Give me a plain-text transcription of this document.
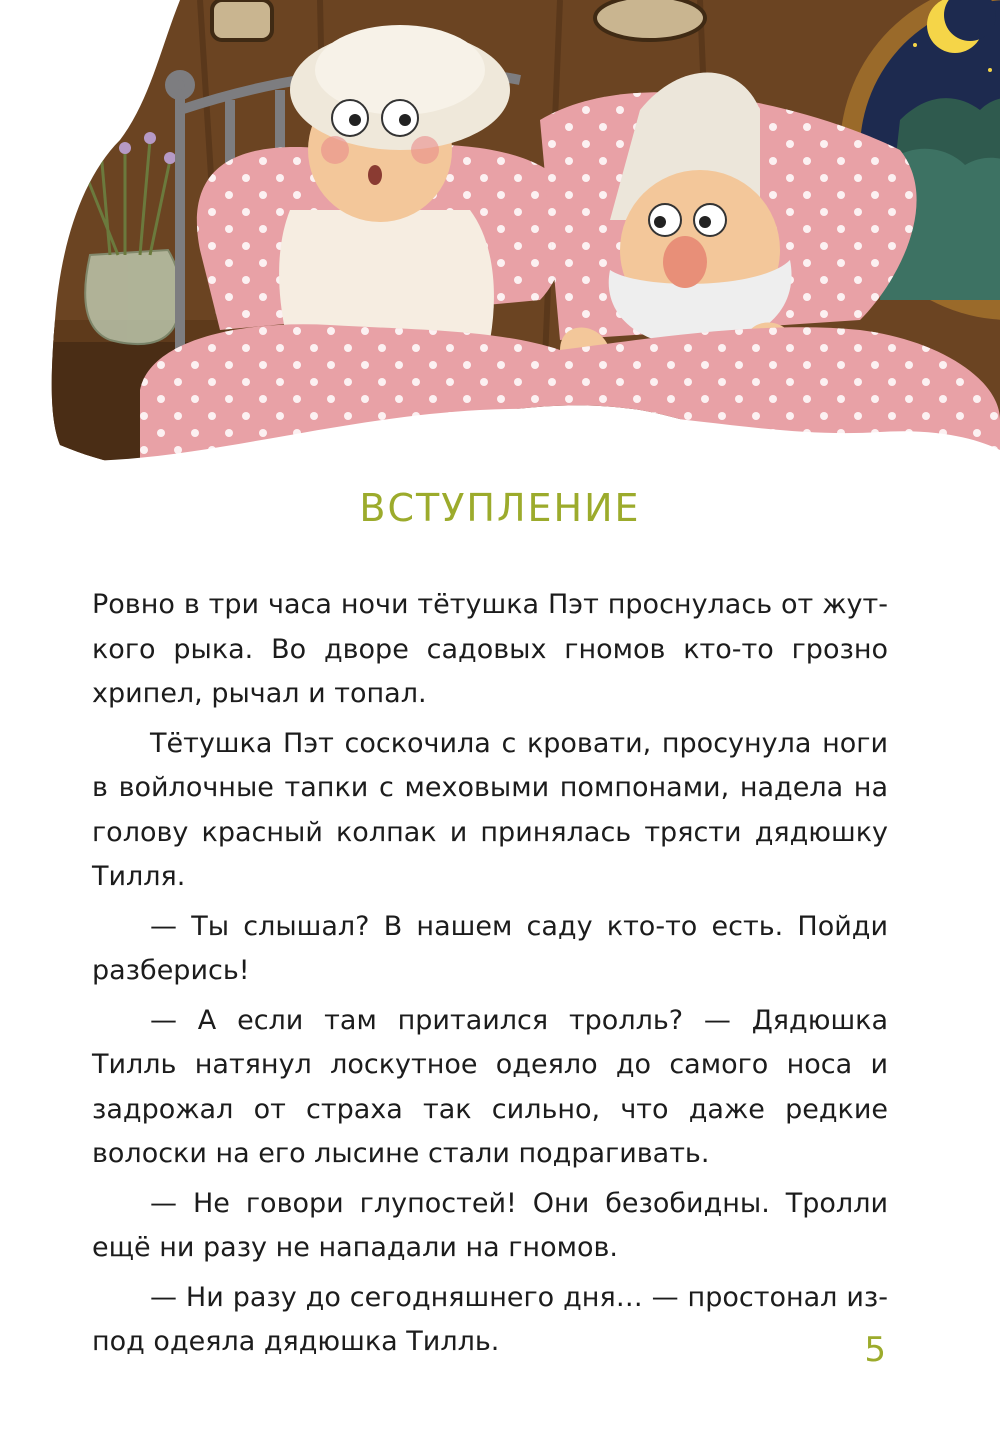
ВСТУПЛЕНИЕ

Ровно в три часа ночи тётушка Пэт проснулась от жуткого рыка. Во дворе садовых гномов кто-то грозно хрипел, рычал и топал.

Тётушка Пэт соскочила с кровати, просунула ноги в войлочные тапки с меховыми помпонами, надела на голову красный колпак и принялась трясти дядюшку Тилля.

— Ты слышал? В нашем саду кто-то есть. Пойди разберись!

— А если там притаился тролль? — Дядюшка Тилль натянул лоскутное одеяло до самого носа и задрожал от страха так сильно, что даже редкие волоски на его лысине стали подрагивать.

— Не говори глупостей! Они безобидны. Тролли ещё ни разу не нападали на гномов.

— Ни разу до сегодняшнего дня… — простонал из-под одеяла дядюшка Тилль.	5
